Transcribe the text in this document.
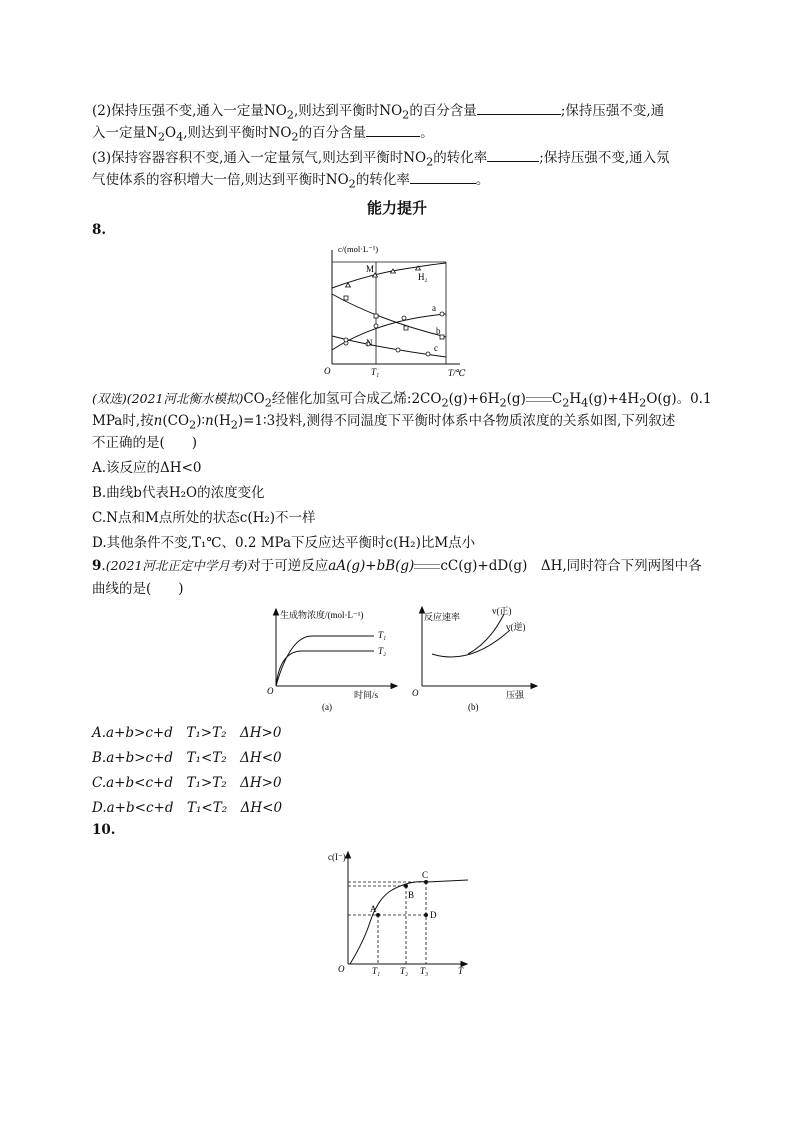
(2)保持压强不变,通入一定量$NO_2$,则达到平衡时$NO_2$的百分含量	;保持压强不变,通
入一定量$N_2O_4$,则达到平衡时$NO_2$的百分含量	。
(3)保持容器容积不变,通入一定量氖气,则达到平衡时$NO_2$的转化率	;保持压强不变,通入氖
气使体系的容积增大一倍,则达到平衡时$NO_2$的转化率	。
能力提升
8.
c/(mol·L⁻¹)
T/℃
O	T₁
M
N
H₂
a
b
c
(双选)(2021河北衡水模拟)$CO_2$经催化加氢可合成乙烯$:2CO_2(g)+6H_2(g)$ $C_2H_4(g)+4H_2O(g)$。0.1
MPa时,按$n(CO_2)∶n(H_2)=1∶3$投料,测得不同温度下平衡时体系中各物质浓度的关系如图,下列叙述
不正确的是(　　)
A.该反应的ΔH<0
B.曲线b代表H₂O的浓度变化
C.N点和M点所处的状态c(H₂)不一样
D.其他条件不变,T₁℃、0.2 MPa下反应达平衡时c(H₂)比M点小
9.(2021河北正定中学月考)对于可逆反应aA(g)+bB(g) cC(g)+dD(g)　ΔH,同时符合下列两图中各
曲线的是(　　)
生成物浓度/(mol·L⁻¹)
T₁
T₂
O	时间/s
(a)
反应速率
v(正)
v(逆)
O	压强
(b)
A.a+b>c+d　T₁>T₂　ΔH>0
B.a+b>c+d　T₁<T₂　ΔH<0
C.a+b<c+d　T₁>T₂　ΔH>0
D.a+b<c+d　T₁<T₂　ΔH<0
10.
c(I⁻)
A
B
C
D
O	T₁ T₂ T₃	T
